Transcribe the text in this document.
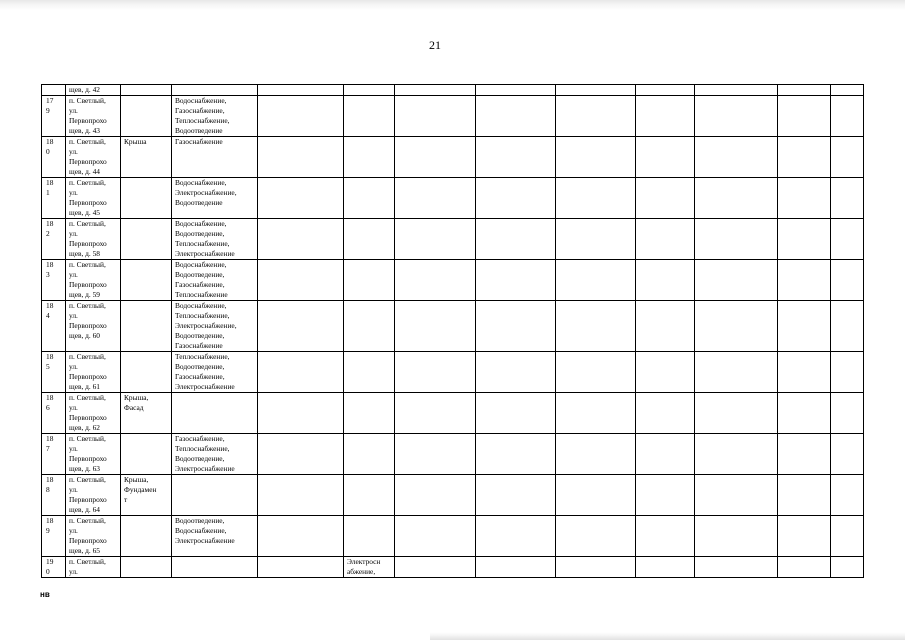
21

	щев, д. 42											

17
9	п. Светлый,
ул.
Первопрохо
щев, д. 43		Водоснабжение,
Газоснабжение,
Теплоснабжение,
Водоотведение									

18
0	п. Светлый,
ул.
Первопрохо
щев, д. 44	Крыша	Газоснабжение									

18
1	п. Светлый,
ул.
Первопрохо
щев, д. 45		Водоснабжение,
Электроснабжение,
Водоотведение									

18
2	п. Светлый,
ул.
Первопрохо
щев, д. 58		Водоснабжение,
Водоотведение,
Теплоснабжение,
Электроснабжение									

18
3	п. Светлый,
ул.
Первопрохо
щев, д. 59		Водоснабжение,
Водоотведение,
Газоснабжение,
Теплоснабжение									

18
4	п. Светлый,
ул.
Первопрохо
щев, д. 60		Водоснабжение,
Теплоснабжение,
Электроснабжение,
Водоотведение,
Газоснабжение									

18
5	п. Светлый,
ул.
Первопрохо
щев, д. 61		Теплоснабжение,
Водоотведение,
Газоснабжение,
Электроснабжение									

18
6	п. Светлый,
ул.
Первопрохо
щев, д. 62	Крыша,
Фасад										

18
7	п. Светлый,
ул.
Первопрохо
щев, д. 63		Газоснабжение,
Теплоснабжение,
Водоотведение,
Электроснабжение									

18
8	п. Светлый,
ул.
Первопрохо
щев, д. 64	Крыша,
Фундамен
т										

18
9	п. Светлый,
ул.
Первопрохо
щев, д. 65		Водоотведение,
Водоснабжение,
Электроснабжение									

19
0	п. Светлый,
ул.				Электросн
абжение,							

нв
